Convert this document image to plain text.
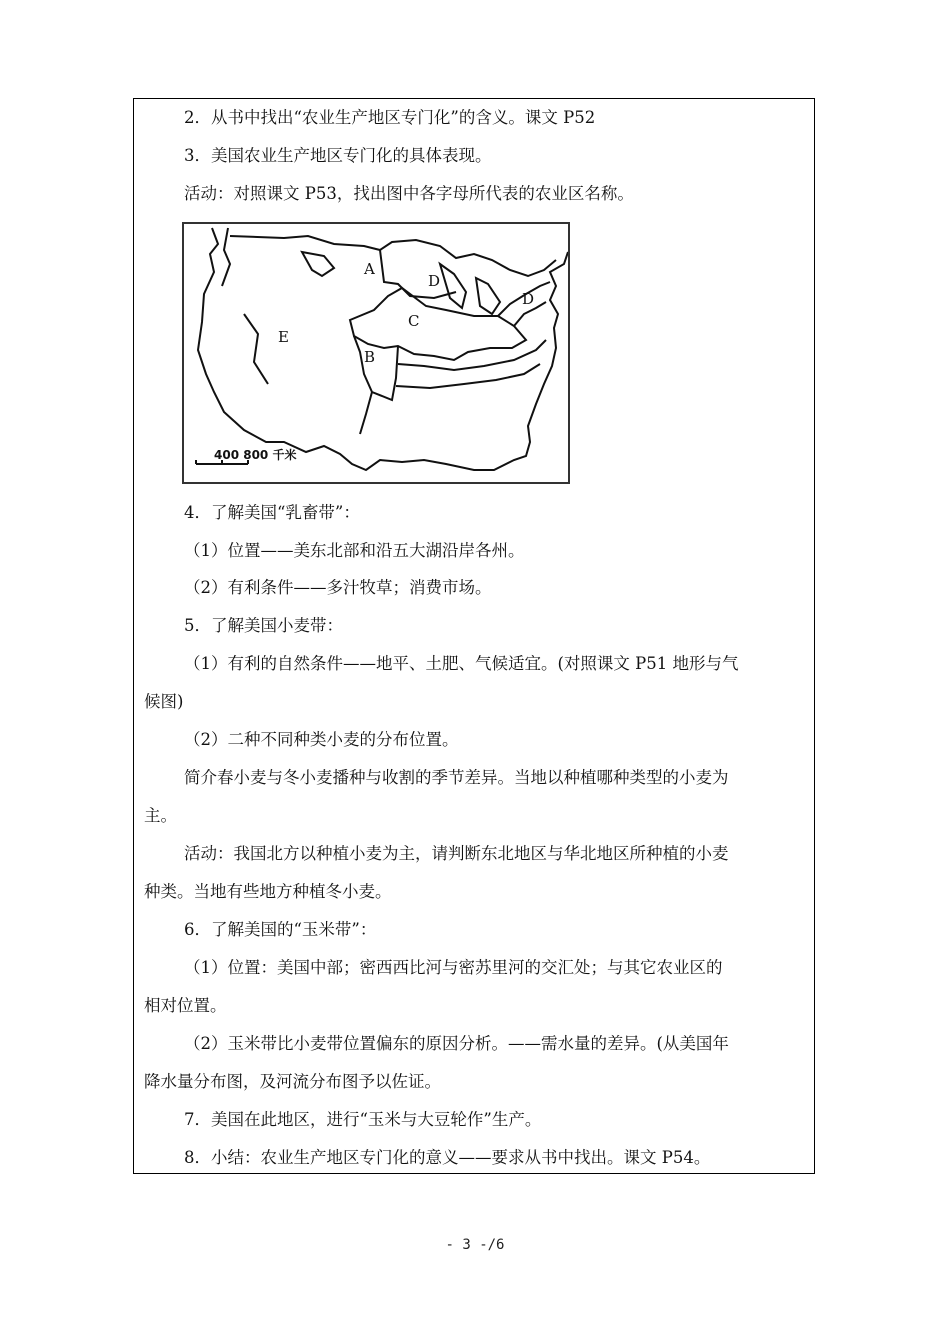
2．从书中找出“农业生产地区专门化”的含义。课文 P52
3．美国农业生产地区专门化的具体表现。
活动：对照课文 P53，找出图中各字母所代表的农业区名称。
A
B
C
D
D
E
400 800 千米
4．了解美国“乳畜带”：
（1）位置——美东北部和沿五大湖沿岸各州。
（2）有利条件——多汁牧草；消费市场。
5．了解美国小麦带：
（1）有利的自然条件——地平、土肥、气候适宜。(对照课文 P51 地形与气
候图)
（2）二种不同种类小麦的分布位置。
简介春小麦与冬小麦播种与收割的季节差异。当地以种植哪种类型的小麦为
主。
活动：我国北方以种植小麦为主，请判断东北地区与华北地区所种植的小麦
种类。当地有些地方种植冬小麦。
6．了解美国的“玉米带”：
（1）位置：美国中部；密西西比河与密苏里河的交汇处；与其它农业区的
相对位置。
（2）玉米带比小麦带位置偏东的原因分析。——需水量的差异。(从美国年
降水量分布图，及河流分布图予以佐证。
7．美国在此地区，进行“玉米与大豆轮作”生产。
8．小结：农业生产地区专门化的意义——要求从书中找出。课文 P54。
- 3 -/6
